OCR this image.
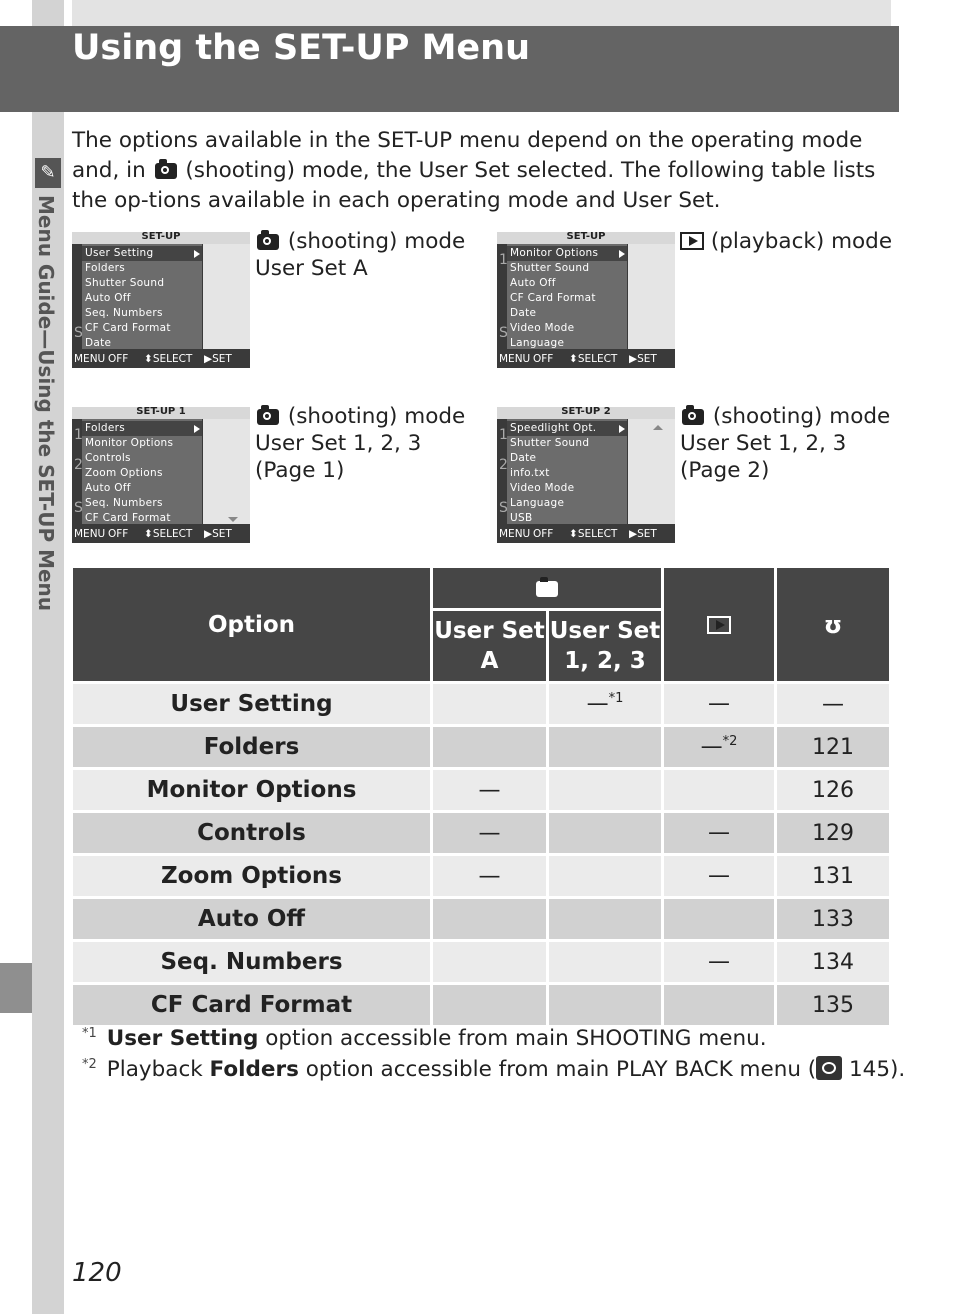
✎
Menu Guide—Using the SET-UP Menu
Using the SET-UP Menu
The options available in the SET-UP menu depend on the operating mode and, in (shooting) mode, the User Set selected. The following table lists the op-tions available in each operating mode and User Set.
SET-UP
User Setting
Folders
Shutter Sound
Auto Off
Seq. Numbers
CF Card Format
Date
S
MENU OFF ⬍SELECT ▶SET
(shooting) mode
User Set A
SET-UP
Monitor Options
Shutter Sound
Auto Off
CF Card Format
Date
Video Mode
Language
1
S
MENU OFF ⬍SELECT ▶SET
(playback) mode
SET-UP 1
Folders
Monitor Options
Controls
Zoom Options
Auto Off
Seq. Numbers
CF Card Format
1
2
S
MENU OFF ⬍SELECT ▶SET
(shooting) mode
User Set 1, 2, 3
(Page 1)
SET-UP 2
Speedlight Opt.
Shutter Sound
Date
info.txt
Video Mode
Language
USB
1
2
S
MENU OFF ⬍SELECT ▶SET
(shooting) mode
User Set 1, 2, 3
(Page 2)
Option				ʊ
	User Set A	User Set 1, 2, 3		
User Setting		—$^{*1}$	—	—
Folders			—$^{*2}$	121
Monitor Options	—			126
Controls	—		—	129
Zoom Options	—		—	131
Auto Off				133
Seq. Numbers			—	134
CF Card Format				135
$^{*1}$ User Setting option accessible from main SHOOTING menu.
$^{*2}$ Playback Folders option accessible from main PLAY BACK menu ( 145).
120
